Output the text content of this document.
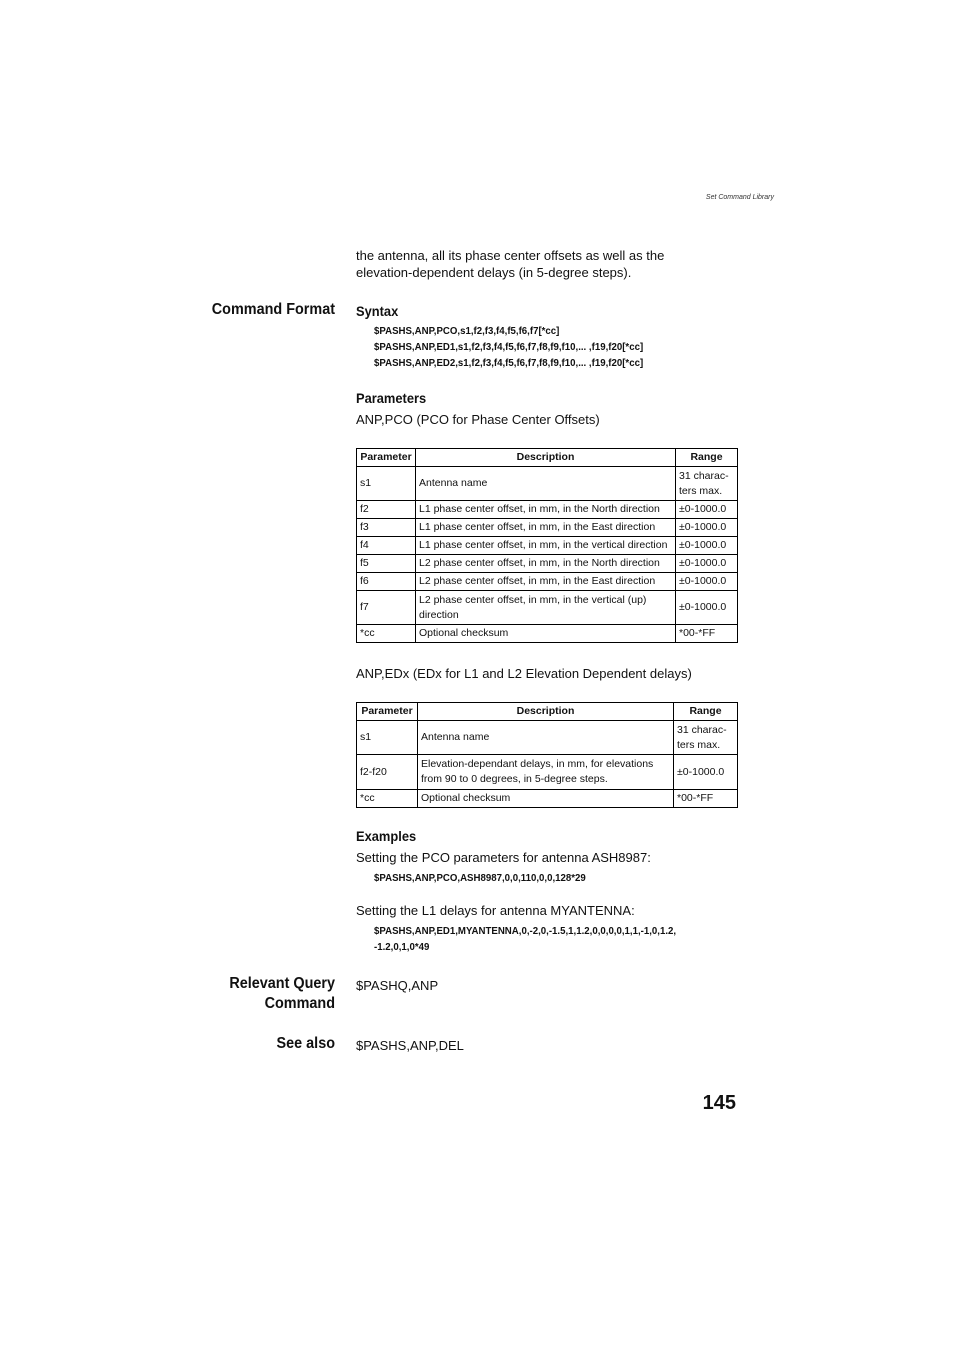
Set Command Library
the antenna, all its phase center offsets as well as the
elevation-dependent delays (in 5-degree steps).
Command Format Syntax
$PASHS,ANP,PCO,s1,f2,f3,f4,f5,f6,f7[*cc]
$PASHS,ANP,ED1,s1,f2,f3,f4,f5,f6,f7,f8,f9,f10,... ,f19,f20[*cc]
$PASHS,ANP,ED2,s1,f2,f3,f4,f5,f6,f7,f8,f9,f10,... ,f19,f20[*cc]
Parameters
ANP,PCO (PCO for Phase Center Offsets)
Parameter	Description	Range
s1	Antenna name	31 charac-ters max.
f2	L1 phase center offset, in mm, in the North direction	±0-1000.0
f3	L1 phase center offset, in mm, in the East direction	±0-1000.0
f4	L1 phase center offset, in mm, in the vertical direction	±0-1000.0
f5	L2 phase center offset, in mm, in the North direction	±0-1000.0
f6	L2 phase center offset, in mm, in the East direction	±0-1000.0
f7	L2 phase center offset, in mm, in the vertical (up) direction	±0-1000.0
*cc	Optional checksum	*00-*FF
ANP,EDx (EDx for L1 and L2 Elevation Dependent delays)
Parameter	Description	Range
s1	Antenna name	31 charac-ters max.
f2-f20	Elevation-dependant delays, in mm, for elevations from 90 to 0 degrees, in 5-degree steps.	±0-1000.0
*cc	Optional checksum	*00-*FF
Examples
Setting the PCO parameters for antenna ASH8987:
$PASHS,ANP,PCO,ASH8987,0,0,110,0,0,128*29
Setting the L1 delays for antenna MYANTENNA:
$PASHS,ANP,ED1,MYANTENNA,0,-2,0,-1.5,1,1.2,0,0,0,0,1,1,-1,0,1.2,
-1.2,0,1,0*49
Relevant Query
Command
$PASHQ,ANP
See also $PASHS,ANP,DEL
145
